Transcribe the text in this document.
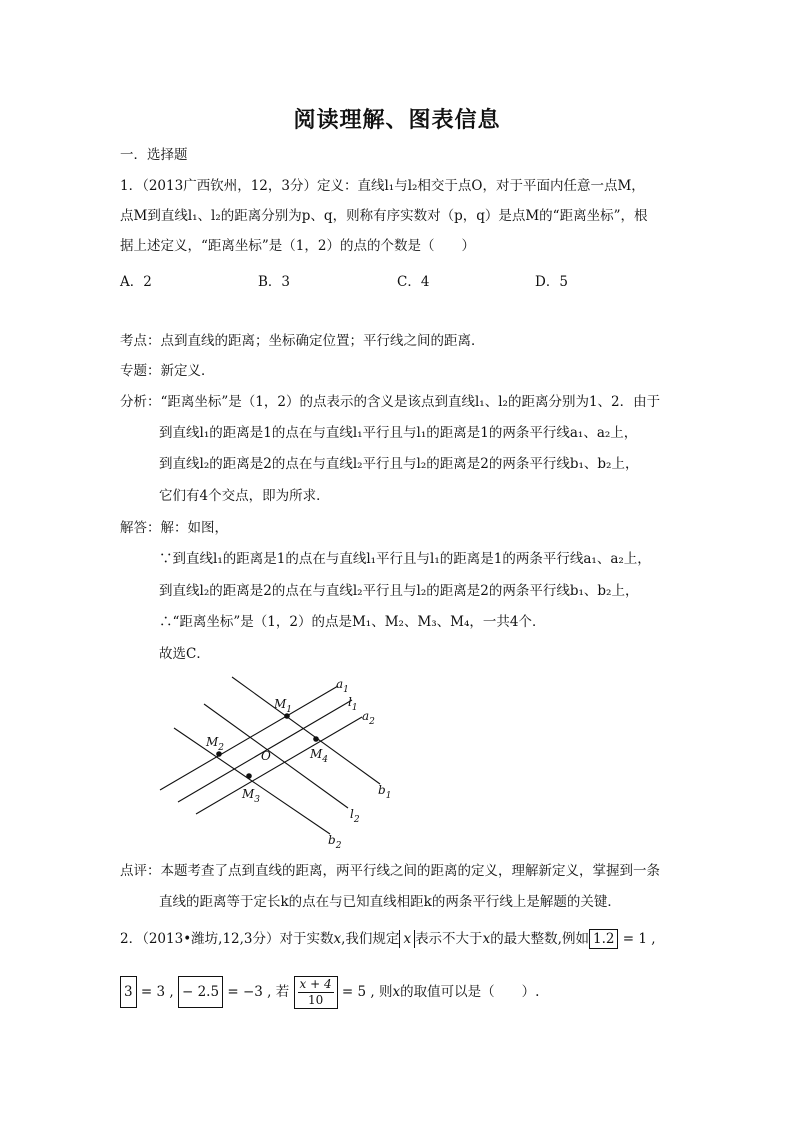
阅读理解、图表信息
一．选择题
1．（2013广西钦州，12，3分）定义：直线l₁与l₂相交于点O，对于平面内任意一点M，
点M到直线l₁、l₂的距离分别为p、q，则称有序实数对（p，q）是点M的“距离坐标”，根
据上述定义，“距离坐标”是（1，2）的点的个数是（　　）
A．2	B．3	C．4	D．5
考点：点到直线的距离；坐标确定位置；平行线之间的距离．
专题：新定义．
分析：“距离坐标”是（1，2）的点表示的含义是该点到直线l₁、l₂的距离分别为1、2．由于
到直线l₁的距离是1的点在与直线l₁平行且与l₁的距离是1的两条平行线a₁、a₂上，
到直线l₂的距离是2的点在与直线l₂平行且与l₂的距离是2的两条平行线b₁、b₂上，
它们有4个交点，即为所求．
解答：解：如图，
∵到直线l₁的距离是1的点在与直线l₁平行且与l₁的距离是1的两条平行线a₁、a₂上，
到直线l₂的距离是2的点在与直线l₂平行且与l₂的距离是2的两条平行线b₁、b₂上，
∴“距离坐标”是（1，2）的点是M₁、M₂、M₃、M₄，一共4个．
故选C．
$a_1$
$l_1$
$a_2$
$b_1$
$l_2$
$b_2$
$M_1$
$M_2$
$M_3$
$M_4$
O
点评：本题考查了点到直线的距离，两平行线之间的距离的定义，理解新定义，掌握到一条
直线的距离等于定长k的点在与已知直线相距k的两条平行线上是解题的关键．
2．（2013•潍坊,12,3分）对于实数x,我们规定 x 表示不大于x的最大整数,例如 1.2 = 1 ,
3 = 3 , − 2.5 = −3 , 若 $\frac{x + 4}{10} = 5$ , 则x的取值可以是（　　）.
